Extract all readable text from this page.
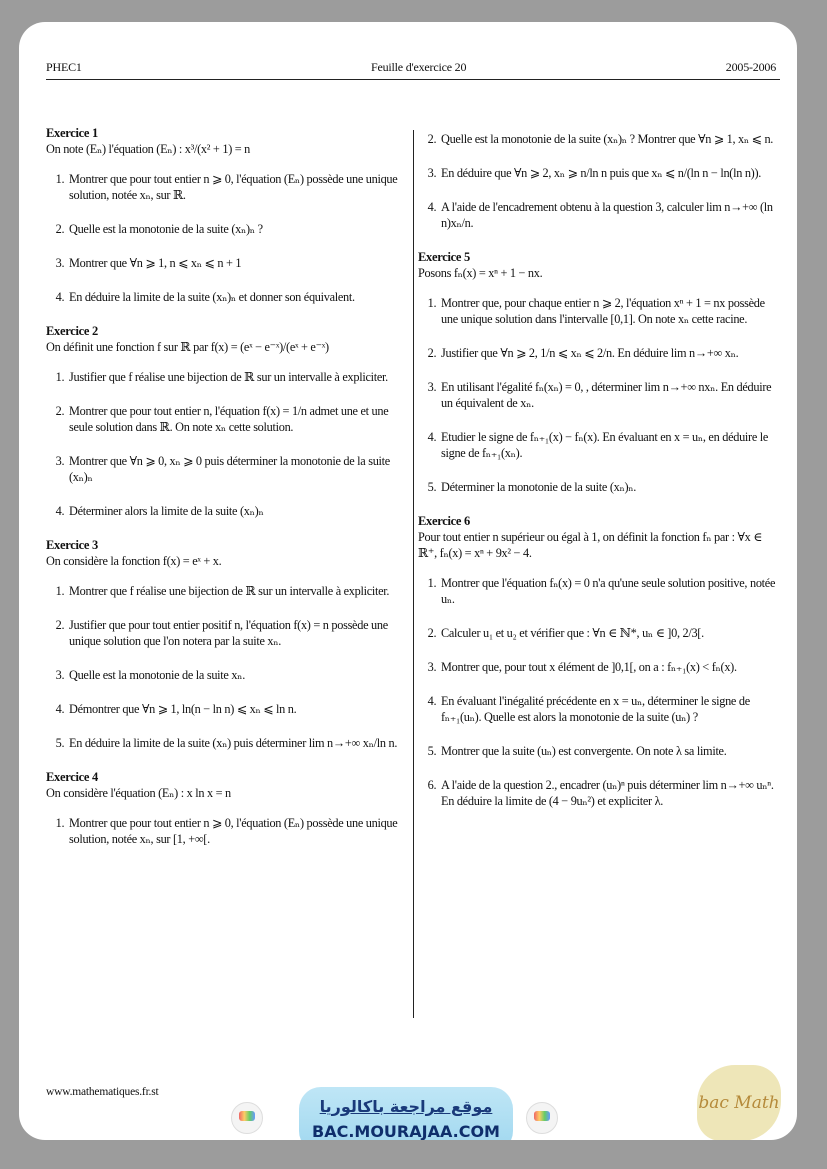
PHEC1	Feuille d'exercice 20	2005-2006
Exercice 1
On note (Eₙ) l'équation (Eₙ) : x³/(x² + 1) = n
1. Montrer que pour tout entier n ⩾ 0, l'équation (Eₙ) possède une unique solution, notée xₙ, sur ℝ.
2. Quelle est la monotonie de la suite (xₙ)ₙ ?
3. Montrer que ∀n ⩾ 1, n ⩽ xₙ ⩽ n + 1
4. En déduire la limite de la suite (xₙ)ₙ et donner son équivalent.
Exercice 2
On définit une fonction f sur ℝ par f(x) = (eˣ − e⁻ˣ)/(eˣ + e⁻ˣ)
1. Justifier que f réalise une bijection de ℝ sur un intervalle à expliciter.
2. Montrer que pour tout entier n, l'équation f(x) = 1/n admet une et une seule solution dans ℝ. On note xₙ cette solution.
3. Montrer que ∀n ⩾ 0, xₙ ⩾ 0 puis déterminer la monotonie de la suite (xₙ)ₙ
4. Déterminer alors la limite de la suite (xₙ)ₙ
Exercice 3
On considère la fonction f(x) = eˣ + x.
1. Montrer que f réalise une bijection de ℝ sur un intervalle à expliciter.
2. Justifier que pour tout entier positif n, l'équation f(x) = n possède une unique solution que l'on notera par la suite xₙ.
3. Quelle est la monotonie de la suite xₙ.
4. Démontrer que ∀n ⩾ 1, ln(n − ln n) ⩽ xₙ ⩽ ln n.
5. En déduire la limite de la suite (xₙ) puis déterminer lim n→+∞ xₙ/ln n.
Exercice 4
On considère l'équation (Eₙ) : x ln x = n
1. Montrer que pour tout entier n ⩾ 0, l'équation (Eₙ) possède une unique solution, notée xₙ, sur [1, +∞[.
2. Quelle est la monotonie de la suite (xₙ)ₙ ? Montrer que ∀n ⩾ 1, xₙ ⩽ n.
3. En déduire que ∀n ⩾ 2, xₙ ⩾ n/ln n puis que xₙ ⩽ n/(ln n − ln(ln n)).
4. A l'aide de l'encadrement obtenu à la question 3, calculer lim n→+∞ (ln n)xₙ/n.
Exercice 5
Posons fₙ(x) = xⁿ + 1 − nx.
1. Montrer que, pour chaque entier n ⩾ 2, l'équation xⁿ + 1 = nx possède une unique solution dans l'intervalle [0,1]. On note xₙ cette racine.
2. Justifier que ∀n ⩾ 2, 1/n ⩽ xₙ ⩽ 2/n. En déduire lim n→+∞ xₙ.
3. En utilisant l'égalité fₙ(xₙ) = 0, , déterminer lim n→+∞ nxₙ. En déduire un équivalent de xₙ.
4. Etudier le signe de fₙ₊₁(x) − fₙ(x). En évaluant en x = uₙ, en déduire le signe de fₙ₊₁(xₙ).
5. Déterminer la monotonie de la suite (xₙ)ₙ.
Exercice 6
Pour tout entier n supérieur ou égal à 1, on définit la fonction fₙ par : ∀x ∈ ℝ⁺, fₙ(x) = xⁿ + 9x² − 4.
1. Montrer que l'équation fₙ(x) = 0 n'a qu'une seule solution positive, notée uₙ.
2. Calculer u₁ et u₂ et vérifier que : ∀n ∈ ℕ*, uₙ ∈ ]0, 2/3[.
3. Montrer que, pour tout x élément de ]0,1[, on a : fₙ₊₁(x) < fₙ(x).
4. En évaluant l'inégalité précédente en x = uₙ, déterminer le signe de fₙ₊₁(uₙ). Quelle est alors la monotonie de la suite (uₙ) ?
5. Montrer que la suite (uₙ) est convergente. On note λ sa limite.
6. A l'aide de la question 2., encadrer (uₙ)ⁿ puis déterminer lim n→+∞ uₙⁿ. En déduire la limite de (4 − 9uₙ²) et expliciter λ.
www.mathematiques.fr.st
موقع مراجعة باكالوريا
BAC.MOURAJAA.COM
bac Math
